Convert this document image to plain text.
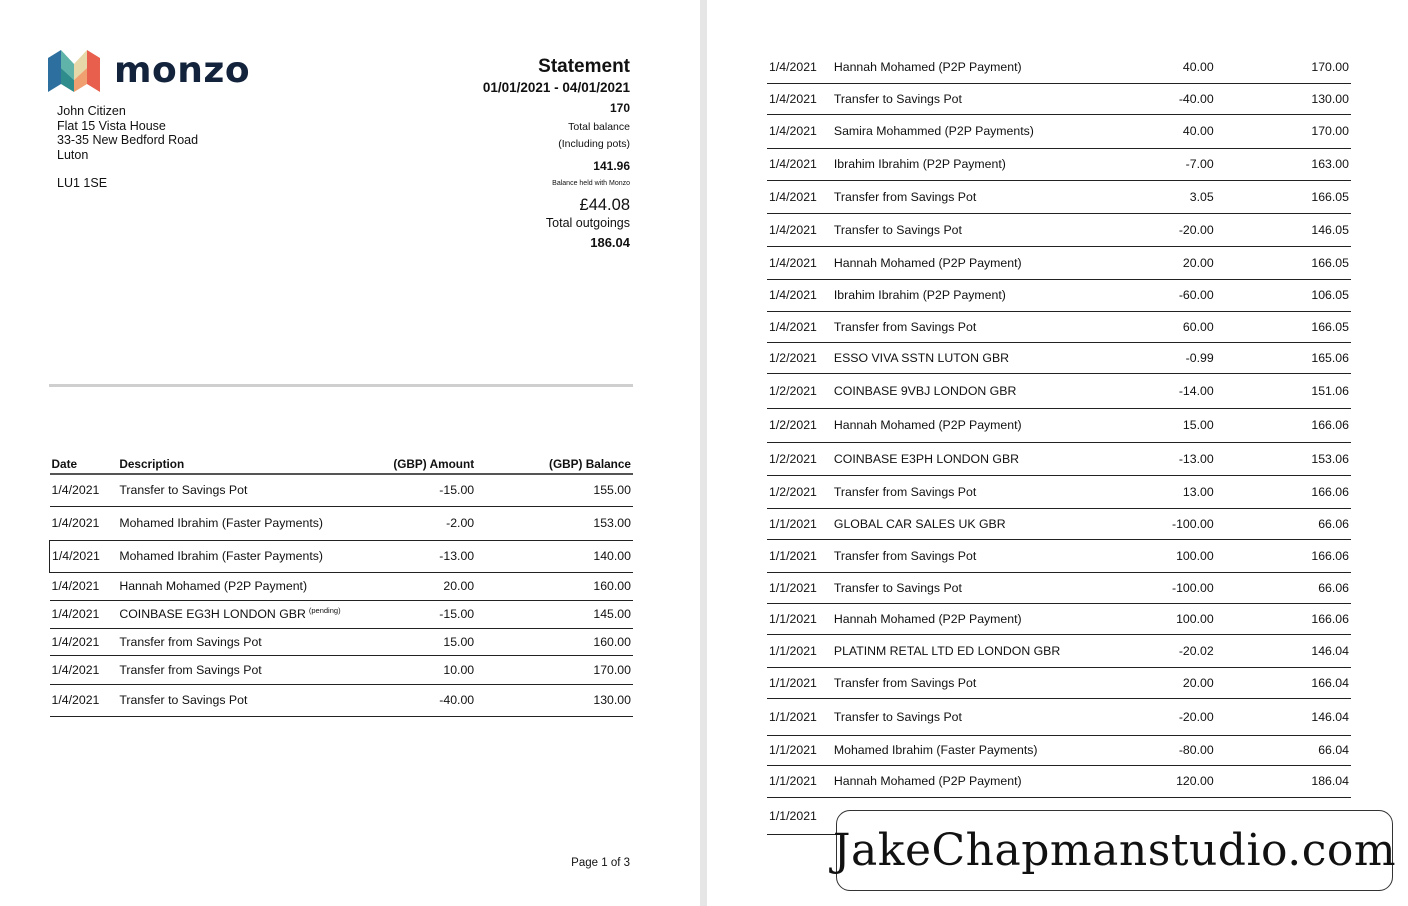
monzo
John Citizen
Flat 15 Vista House
33-35 New Bedford Road
Luton
LU1 1SE
Statement
01/01/2021 - 04/01/2021
170
Total balance
(Including pots)
141.96
Balance held with Monzo
£44.08
Total outgoings
186.04
Date	Description	(GBP) Amount	(GBP) Balance
1/4/2021	Transfer to Savings Pot	-15.00	155.00
1/4/2021	Mohamed Ibrahim (Faster Payments)	-2.00	153.00
1/4/2021	Mohamed Ibrahim (Faster Payments)	-13.00	140.00
1/4/2021	Hannah Mohamed (P2P Payment)	20.00	160.00
1/4/2021	COINBASE EG3H LONDON GBR $^{(pending)}$	-15.00	145.00
1/4/2021	Transfer from Savings Pot	15.00	160.00
1/4/2021	Transfer from Savings Pot	10.00	170.00
1/4/2021	Transfer to Savings Pot	-40.00	130.00
Page 1 of 3
1/4/2021	Hannah Mohamed (P2P Payment)	40.00	170.00
1/4/2021	Transfer to Savings Pot	-40.00	130.00
1/4/2021	Samira Mohammed (P2P Payments)	40.00	170.00
1/4/2021	Ibrahim Ibrahim (P2P Payment)	-7.00	163.00
1/4/2021	Transfer from Savings Pot	3.05	166.05
1/4/2021	Transfer to Savings Pot	-20.00	146.05
1/4/2021	Hannah Mohamed (P2P Payment)	20.00	166.05
1/4/2021	Ibrahim Ibrahim (P2P Payment)	-60.00	106.05
1/4/2021	Transfer from Savings Pot	60.00	166.05
1/2/2021	ESSO VIVA SSTN LUTON GBR	-0.99	165.06
1/2/2021	COINBASE 9VBJ LONDON GBR	-14.00	151.06
1/2/2021	Hannah Mohamed (P2P Payment)	15.00	166.06
1/2/2021	COINBASE E3PH LONDON GBR	-13.00	153.06
1/2/2021	Transfer from Savings Pot	13.00	166.06
1/1/2021	GLOBAL CAR SALES UK GBR	-100.00	66.06
1/1/2021	Transfer from Savings Pot	100.00	166.06
1/1/2021	Transfer to Savings Pot	-100.00	66.06
1/1/2021	Hannah Mohamed (P2P Payment)	100.00	166.06
1/1/2021	PLATINM RETAL LTD ED LONDON GBR	-20.02	146.04
1/1/2021	Transfer from Savings Pot	20.00	166.04
1/1/2021	Transfer to Savings Pot	-20.00	146.04
1/1/2021	Mohamed Ibrahim (Faster Payments)	-80.00	66.04
1/1/2021	Hannah Mohamed (P2P Payment)	120.00	186.04
1/1/2021			
JakeChapmanstudio.com
